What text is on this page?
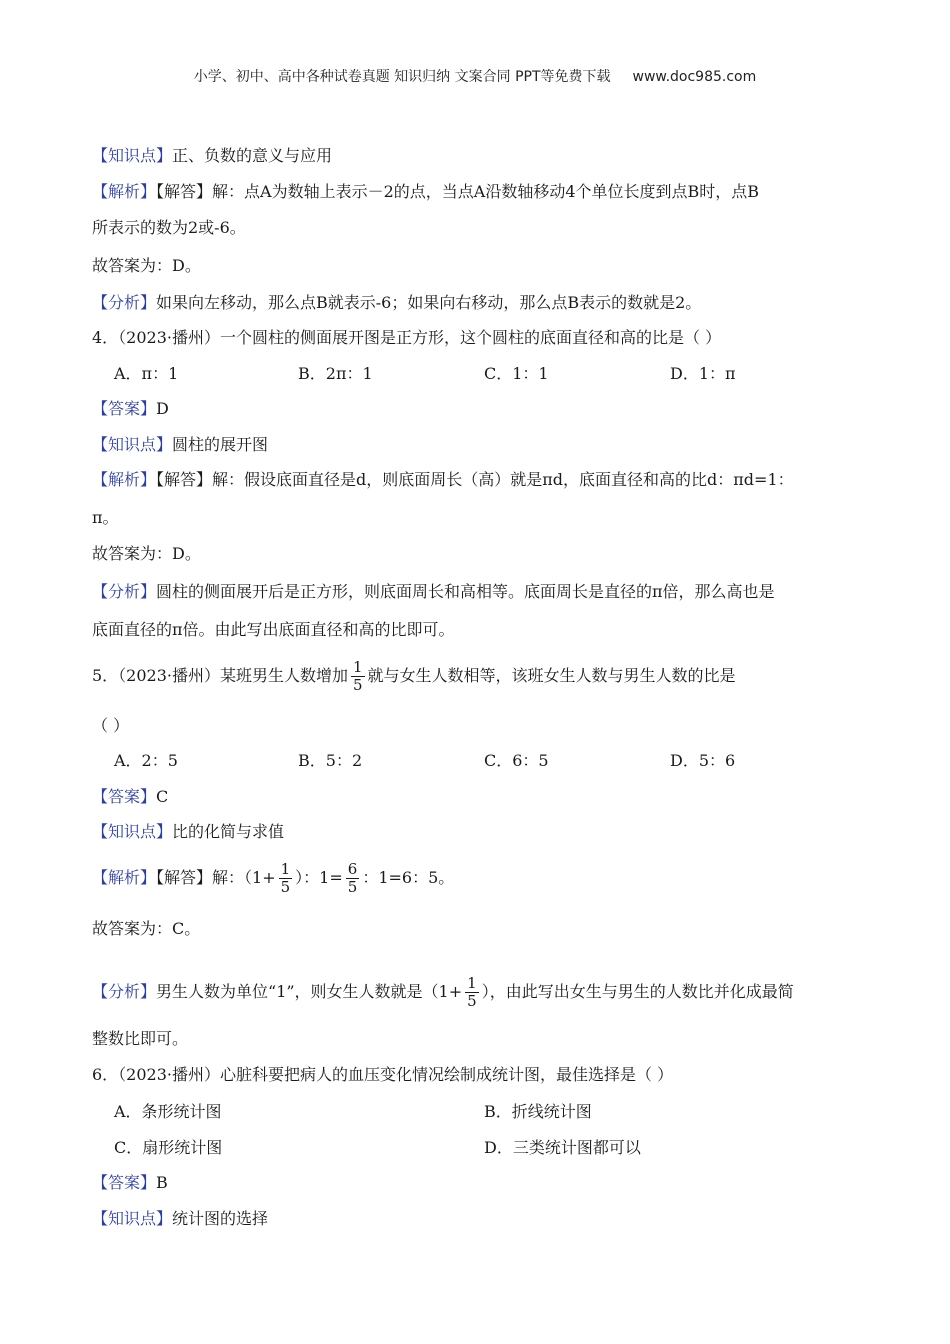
小学、初中、高中各种试卷真题 知识归纳 文案合同 PPT等免费下载 www.doc985.com
【知识点】正、负数的意义与应用
【解析】【解答】解：点A为数轴上表示－2的点，当点A沿数轴移动4个单位长度到点B时，点B
所表示的数为2或-6。
故答案为：D。
【分析】如果向左移动，那么点B就表示-6；如果向右移动，那么点B表示的数就是2。
4．（2023·播州）一个圆柱的侧面展开图是正方形，这个圆柱的底面直径和高的比是（ ）
A．π：1	B．2π：1	C．1：1	D．1：π
【答案】D
【知识点】圆柱的展开图
【解析】【解答】解：假设底面直径是d，则底面周长（高）就是πd，底面直径和高的比d：πd=1：
π。
故答案为：D。
【分析】圆柱的侧面展开后是正方形，则底面周长和高相等。底面周长是直径的π倍，那么高也是
底面直径的π倍。由此写出底面直径和高的比即可。
5．（2023·播州）某班男生人数增加 $\frac{1}{5}$ 就与女生人数相等，该班女生人数与男生人数的比是
（ ）
A．2：5	B．5：2	C．6：5	D．5：6
【答案】C
【知识点】比的化简与求值
【解析】【解答】解：（$1+ \frac{1}{5}$ ）：$1= \frac{6}{5}$ ：1=6：5。
故答案为：C。
【分析】男生人数为单位“1”，则女生人数就是（$1+ \frac{1}{5}$ ），由此写出女生与男生的人数比并化成最简
整数比即可。
6．（2023·播州）心脏科要把病人的血压变化情况绘制成统计图，最佳选择是（ ）
A．条形统计图	B．折线统计图
C．扇形统计图	D．三类统计图都可以
【答案】B
【知识点】统计图的选择
